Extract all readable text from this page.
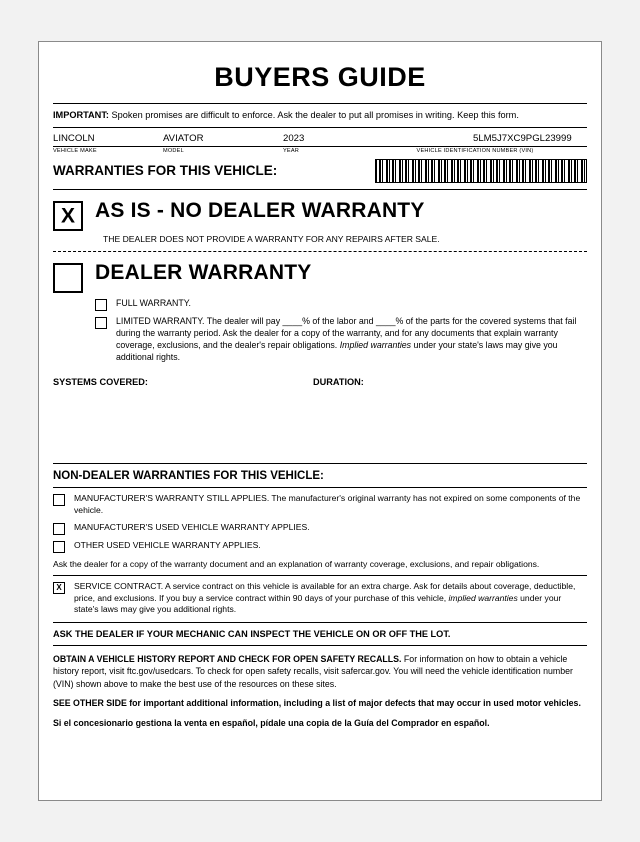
BUYERS GUIDE
IMPORTANT: Spoken promises are difficult to enforce. Ask the dealer to put all promises in writing. Keep this form.
LINCOLN
VEHICLE MAKE
AVIATOR
MODEL
2023
YEAR
5LM5J7XC9PGL23999
VEHICLE IDENTIFICATION NUMBER (VIN)
WARRANTIES FOR THIS VEHICLE:
X
AS IS - NO DEALER WARRANTY
THE DEALER DOES NOT PROVIDE A WARRANTY FOR ANY REPAIRS AFTER SALE.
DEALER WARRANTY
FULL WARRANTY.
LIMITED WARRANTY. The dealer will pay ____% of the labor and ____% of the parts for the covered systems that fail during the warranty period. Ask the dealer for a copy of the warranty, and for any documents that explain warranty coverage, exclusions, and the dealer's repair obligations. Implied warranties under your state's laws may give you additional rights.
SYSTEMS COVERED:	DURATION:
NON-DEALER WARRANTIES FOR THIS VEHICLE:
MANUFACTURER'S WARRANTY STILL APPLIES. The manufacturer's original warranty has not expired on some components of the vehicle.
MANUFACTURER'S USED VEHICLE WARRANTY APPLIES.
OTHER USED VEHICLE WARRANTY APPLIES.
Ask the dealer for a copy of the warranty document and an explanation of warranty coverage, exclusions, and repair obligations.
X
SERVICE CONTRACT. A service contract on this vehicle is available for an extra charge. Ask for details about coverage, deductible, price, and exclusions. If you buy a service contract within 90 days of your purchase of this vehicle, implied warranties under your state's laws may give you additional rights.
ASK THE DEALER IF YOUR MECHANIC CAN INSPECT THE VEHICLE ON OR OFF THE LOT.
OBTAIN A VEHICLE HISTORY REPORT AND CHECK FOR OPEN SAFETY RECALLS. For information on how to obtain a vehicle history report, visit ftc.gov/usedcars. To check for open safety recalls, visit safercar.gov. You will need the vehicle identification number (VIN) shown above to make the best use of the resources on these sites.
SEE OTHER SIDE for important additional information, including a list of major defects that may occur in used motor vehicles.
Si el concesionario gestiona la venta en español, pídale una copia de la Guía del Comprador en español.
